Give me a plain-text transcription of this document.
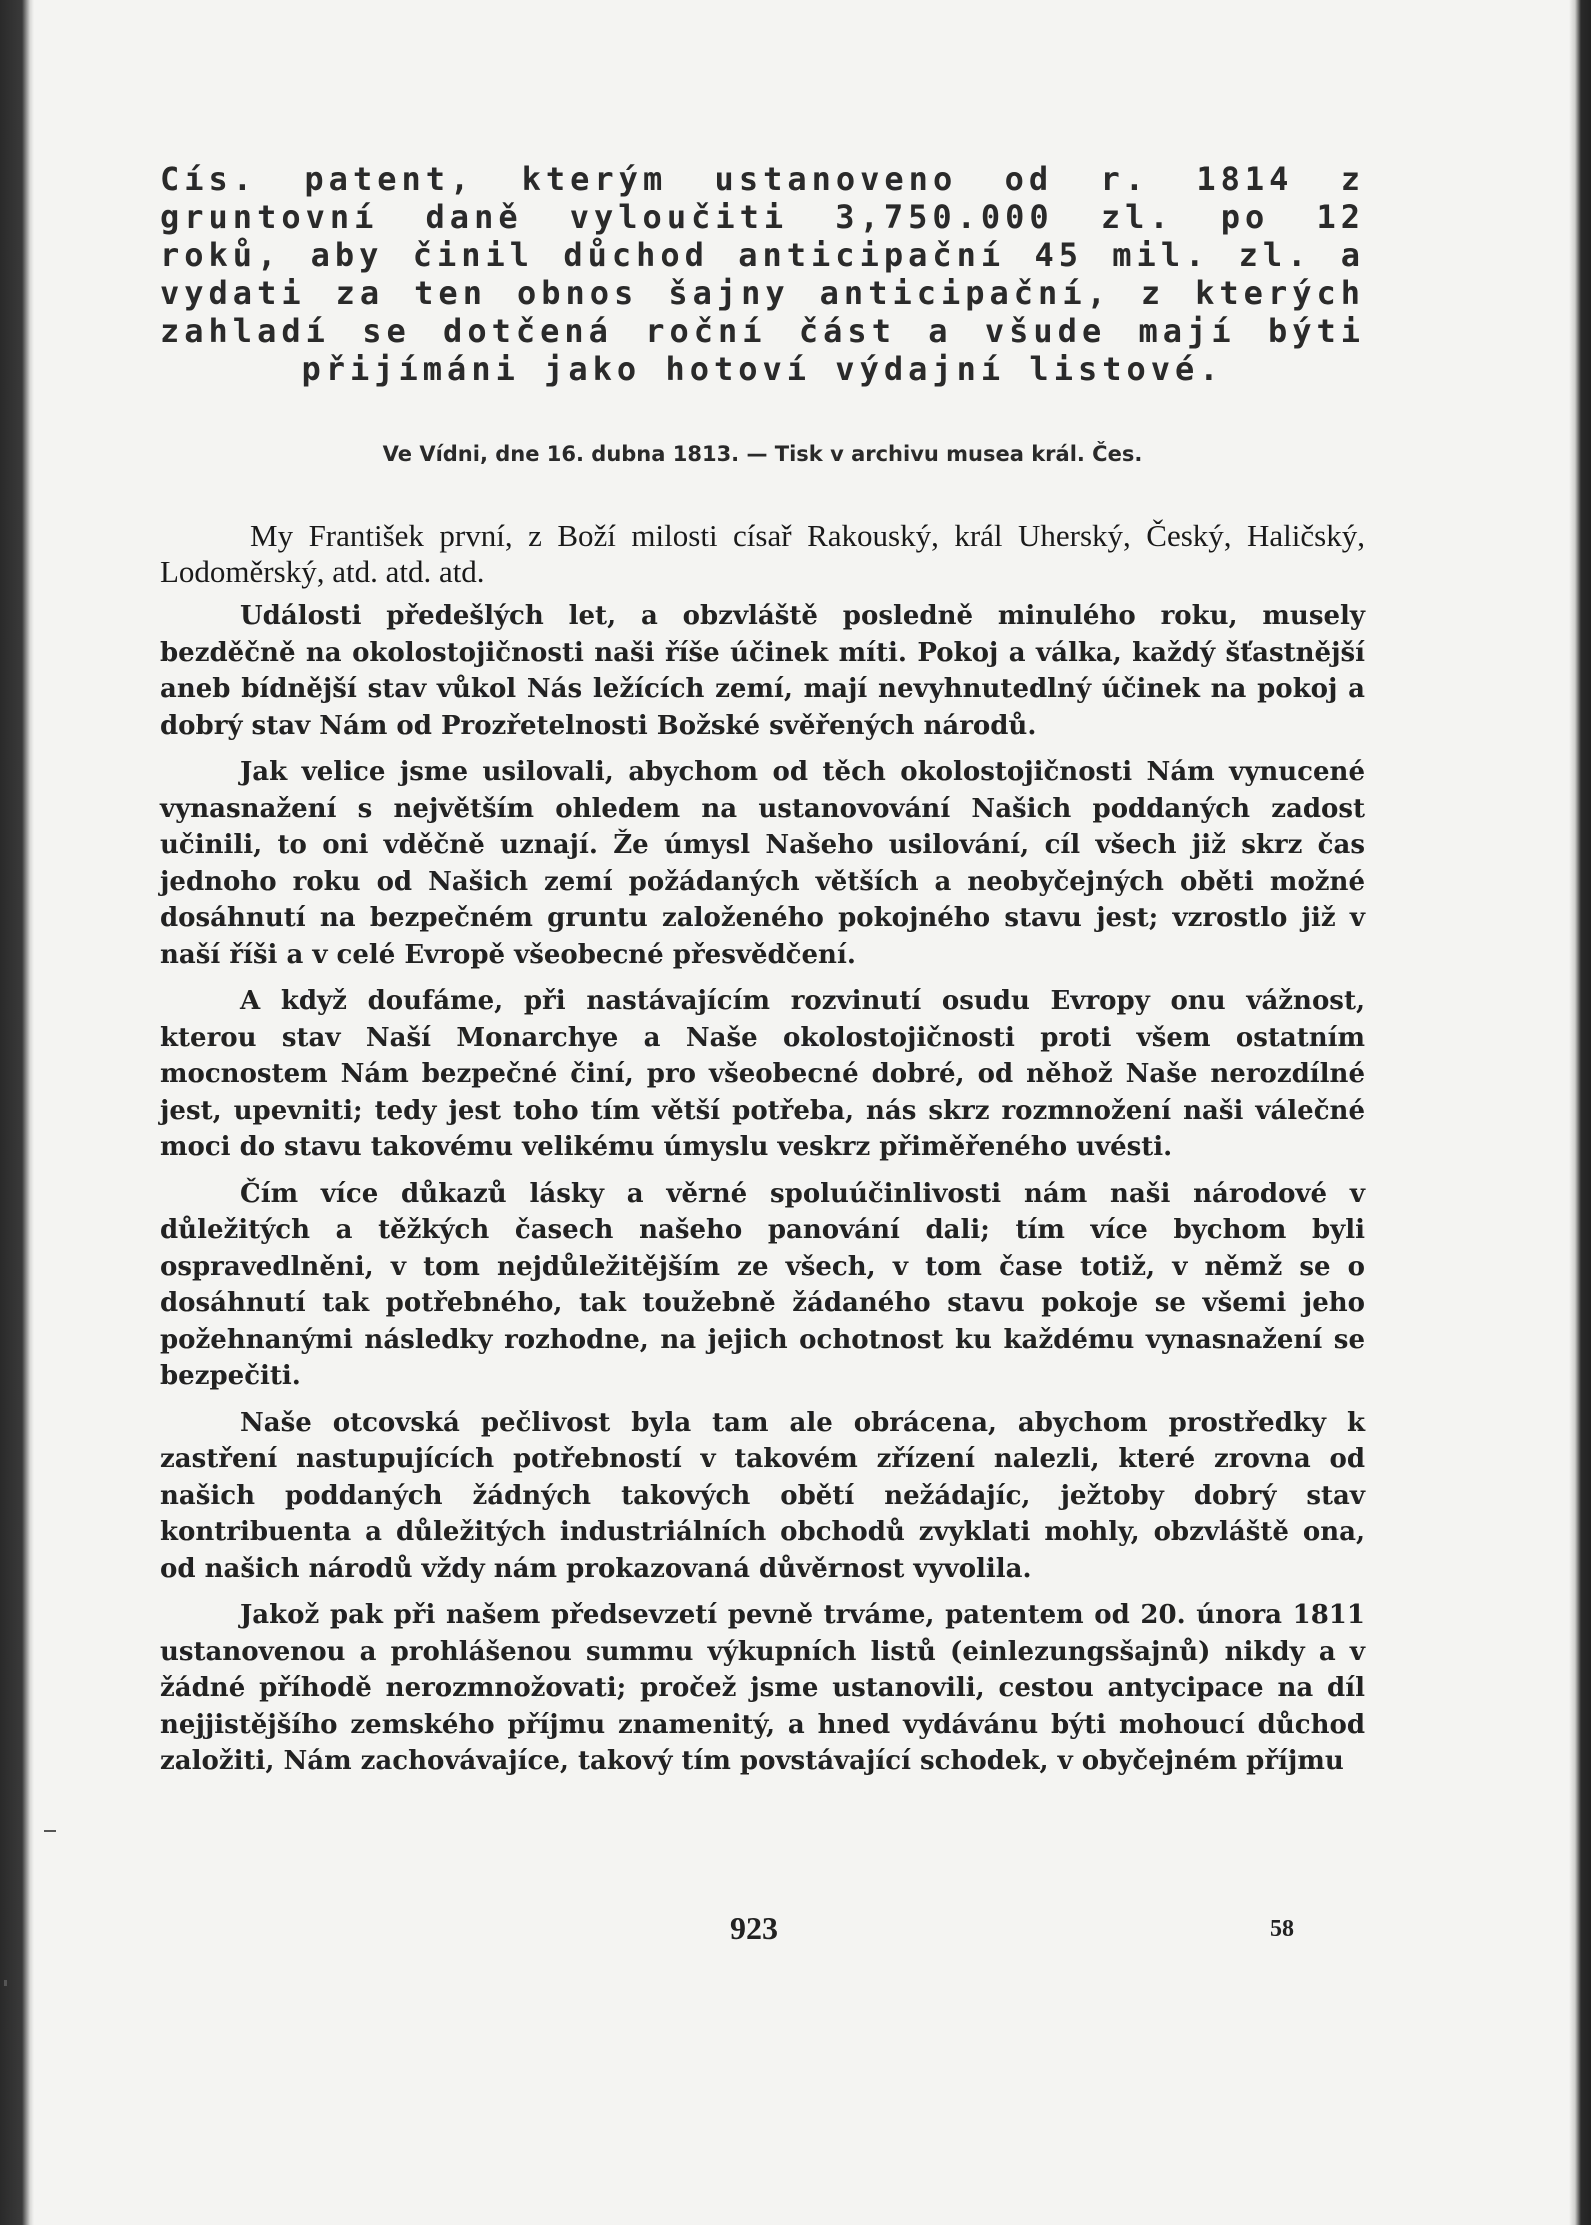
Cís. patent, kterým ustanoveno od r. 1814 z gruntovní daně vyloučiti 3,750.000 zl. po 12 roků, aby činil důchod anticipační 45 mil. zl. a vydati za ten obnos šajny anticipační, z kterých zahladí se dotčená roční část a všude mají býti přijímáni jako hotoví výdajní listové.

Ve Vídni, dne 16. dubna 1813. — Tisk v archivu musea král. Čes.

My František první, z Boží milosti císař Rakouský, král Uherský, Český, Haličský, Lodoměrský, atd. atd. atd.

Události předešlých let, a obzvláště posledně minulého roku, musely bezděčně na okolostojičnosti naši říše účinek míti. Pokoj a válka, každý šťastnější aneb bídnější stav vůkol Nás ležících zemí, mají nevyhnutedlný účinek na pokoj a dobrý stav Nám od Prozřetelnosti Božské svěřených národů.

Jak velice jsme usilovali, abychom od těch okolostojičnosti Nám vynucené vynasnažení s největším ohledem na ustanovování Našich poddaných zadost učinili, to oni vděčně uznají. Že úmysl Našeho usilování, cíl všech již skrz čas jednoho roku od Našich zemí požádaných větších a neobyčejných oběti možné dosáhnutí na bezpečném gruntu založeného pokojného stavu jest; vzrostlo již v naší říši a v celé Evropě všeobecné přesvědčení.

A když doufáme, při nastávajícím rozvinutí osudu Evropy onu vážnost, kterou stav Naší Monarchye a Naše okolostojičnosti proti všem ostatním mocnostem Nám bezpečné činí, pro všeobecné dobré, od něhož Naše nerozdílné jest, upevniti; tedy jest toho tím větší potřeba, nás skrz rozmnožení naši válečné moci do stavu takovému velikému úmyslu veskrz přiměřeného uvésti.

Čím více důkazů lásky a věrné spoluúčinlivosti nám naši národové v důležitých a těžkých časech našeho panování dali; tím více bychom byli ospravedlněni, v tom nejdůležitějším ze všech, v tom čase totiž, v němž se o dosáhnutí tak potřebného, tak toužebně žádaného stavu pokoje se všemi jeho požehnanými následky rozhodne, na jejich ochotnost ku každému vynasnažení se bezpečiti.

Naše otcovská pečlivost byla tam ale obrácena, abychom prostředky k zastření nastupujících potřebností v takovém zřízení nalezli, které zrovna od našich poddaných žádných takových obětí nežádajíc, ježtoby dobrý stav kontribuenta a důležitých industriálních obchodů zvyklati mohly, obzvláště ona, od našich národů vždy nám prokazovaná důvěrnost vyvolila.

Jakož pak při našem předsevzetí pevně trváme, patentem od 20. února 1811 ustanovenou a prohlášenou summu výkupních listů (einlezungsšajnů) nikdy a v žádné příhodě nerozmnožovati; pročež jsme ustanovili, cestou antycipace na díl nejjistějšího zemského příjmu znamenitý, a hned vydávánu býti mohoucí důchod založiti, Nám zachovávajíce, takový tím povstávající schodek, v obyčejném příjmu

923	58
